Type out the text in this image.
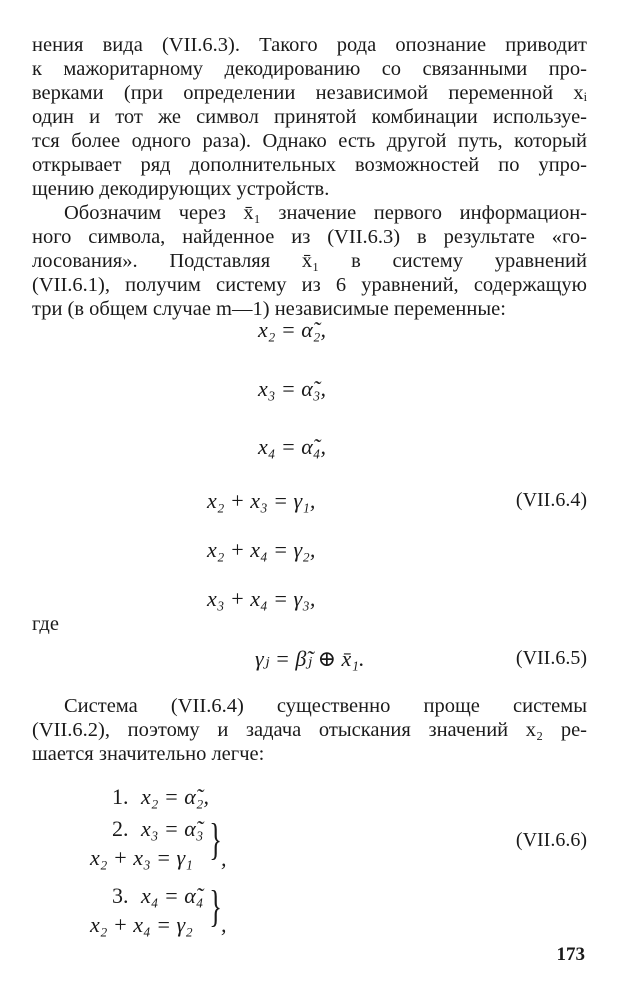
нения вида (VII.6.3). Такого рода опознание приводит
к мажоритарному декодированию со связанными про-
верками (при определении независимой переменной xᵢ
один и тот же символ принятой комбинации используе-
тся более одного раза). Однако есть другой путь, который
открывает ряд дополнительных возможностей по упро-
щению декодирующих устройств.
Обозначим через x̄₁ значение первого информацион-
ного символа, найденное из (VII.6.3) в результате «го-
лосования». Подставляя x̄₁ в систему уравнений
(VII.6.1), получим систему из 6 уравнений, содержащую
три (в общем случае m—1) независимые переменные:
x₂ = α̃₂,
x₃ = α̃₃,
x₄ = α̃₄,
x₂ + x₃ = γ₁,	(VII.6.4)
x₂ + x₄ = γ₂,
x₃ + x₄ = γ₃,
где
γⱼ = β̃ⱼ ⊕ x̄₁.	(VII.6.5)
Система (VII.6.4) существенно проще системы
(VII.6.2), поэтому и задача отыскания значений x₂ ре-
шается значительно легче:
1. x₂ = α̃₂,
2. x₃ = α̃₃
x₂ + x₃ = γ₁ } ,
(VII.6.6)
3. x₄ = α̃₄
x₂ + x₄ = γ₂ } ,
173
